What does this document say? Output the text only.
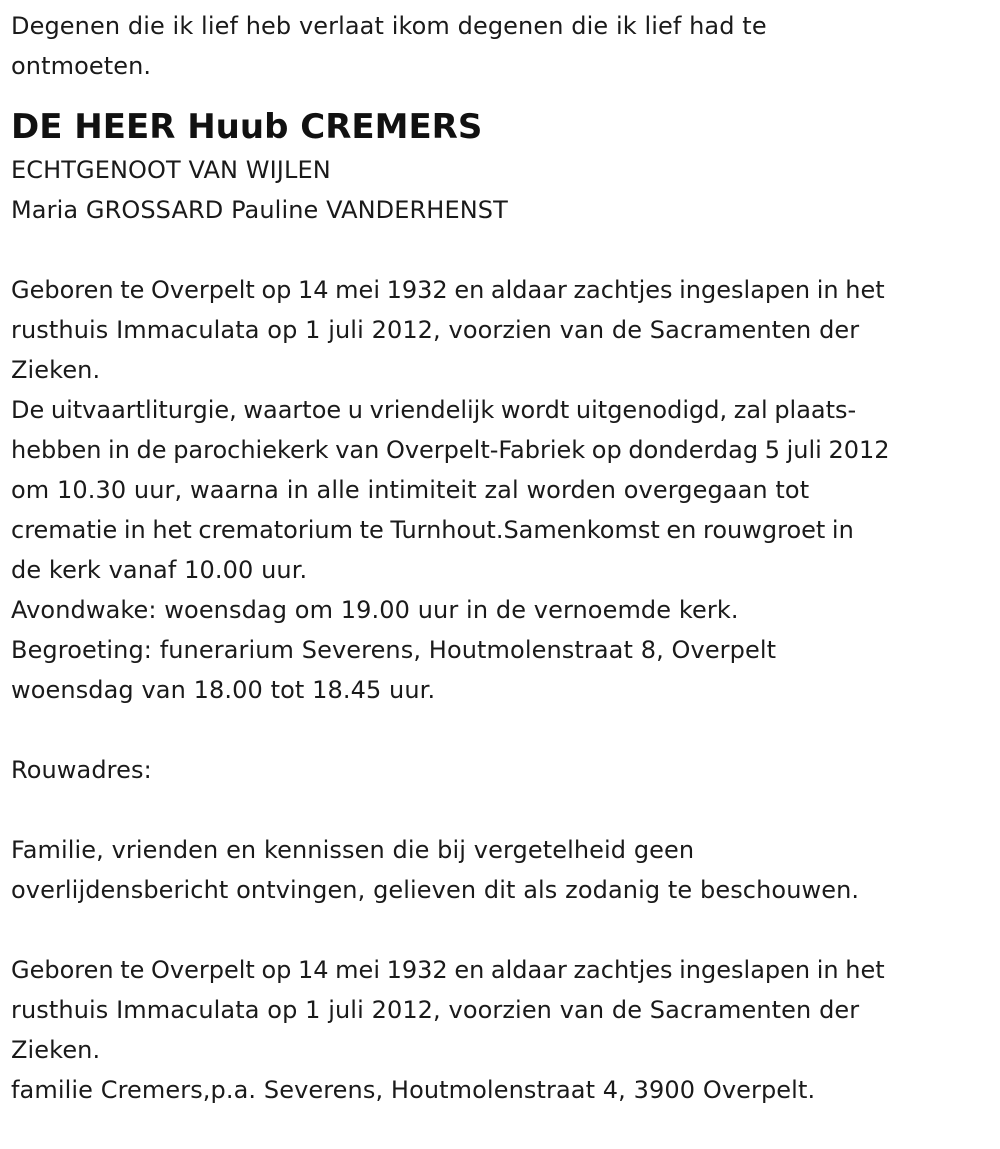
Degenen die ik lief heb verlaat ikom degenen die ik lief had te

ontmoeten.

DE HEER Huub CREMERS

ECHTGENOOT VAN WIJLEN

Maria GROSSARD Pauline VANDERHENST

Geboren te Overpelt op 14 mei 1932 en aldaar zachtjes ingeslapen in het

rusthuis Immaculata op 1 juli 2012, voorzien van de Sacramenten der

Zieken.

De uitvaartliturgie, waartoe u vriendelijk wordt uitgenodigd, zal plaats-

hebben in de parochiekerk van Overpelt-Fabriek op donderdag 5 juli 2012

om 10.30 uur, waarna in alle intimiteit zal worden overgegaan tot

crematie in het crematorium te Turnhout.Samenkomst en rouwgroet in

de kerk vanaf 10.00 uur.

Avondwake: woensdag om 19.00 uur in de vernoemde kerk.

Begroeting: funerarium Severens, Houtmolenstraat 8, Overpelt

woensdag van 18.00 tot 18.45 uur.

Rouwadres:

Familie, vrienden en kennissen die bij vergetelheid geen

overlijdensbericht ontvingen, gelieven dit als zodanig te beschouwen.

Geboren te Overpelt op 14 mei 1932 en aldaar zachtjes ingeslapen in het

rusthuis Immaculata op 1 juli 2012, voorzien van de Sacramenten der

Zieken.

familie Cremers,p.a. Severens, Houtmolenstraat 4, 3900 Overpelt.
